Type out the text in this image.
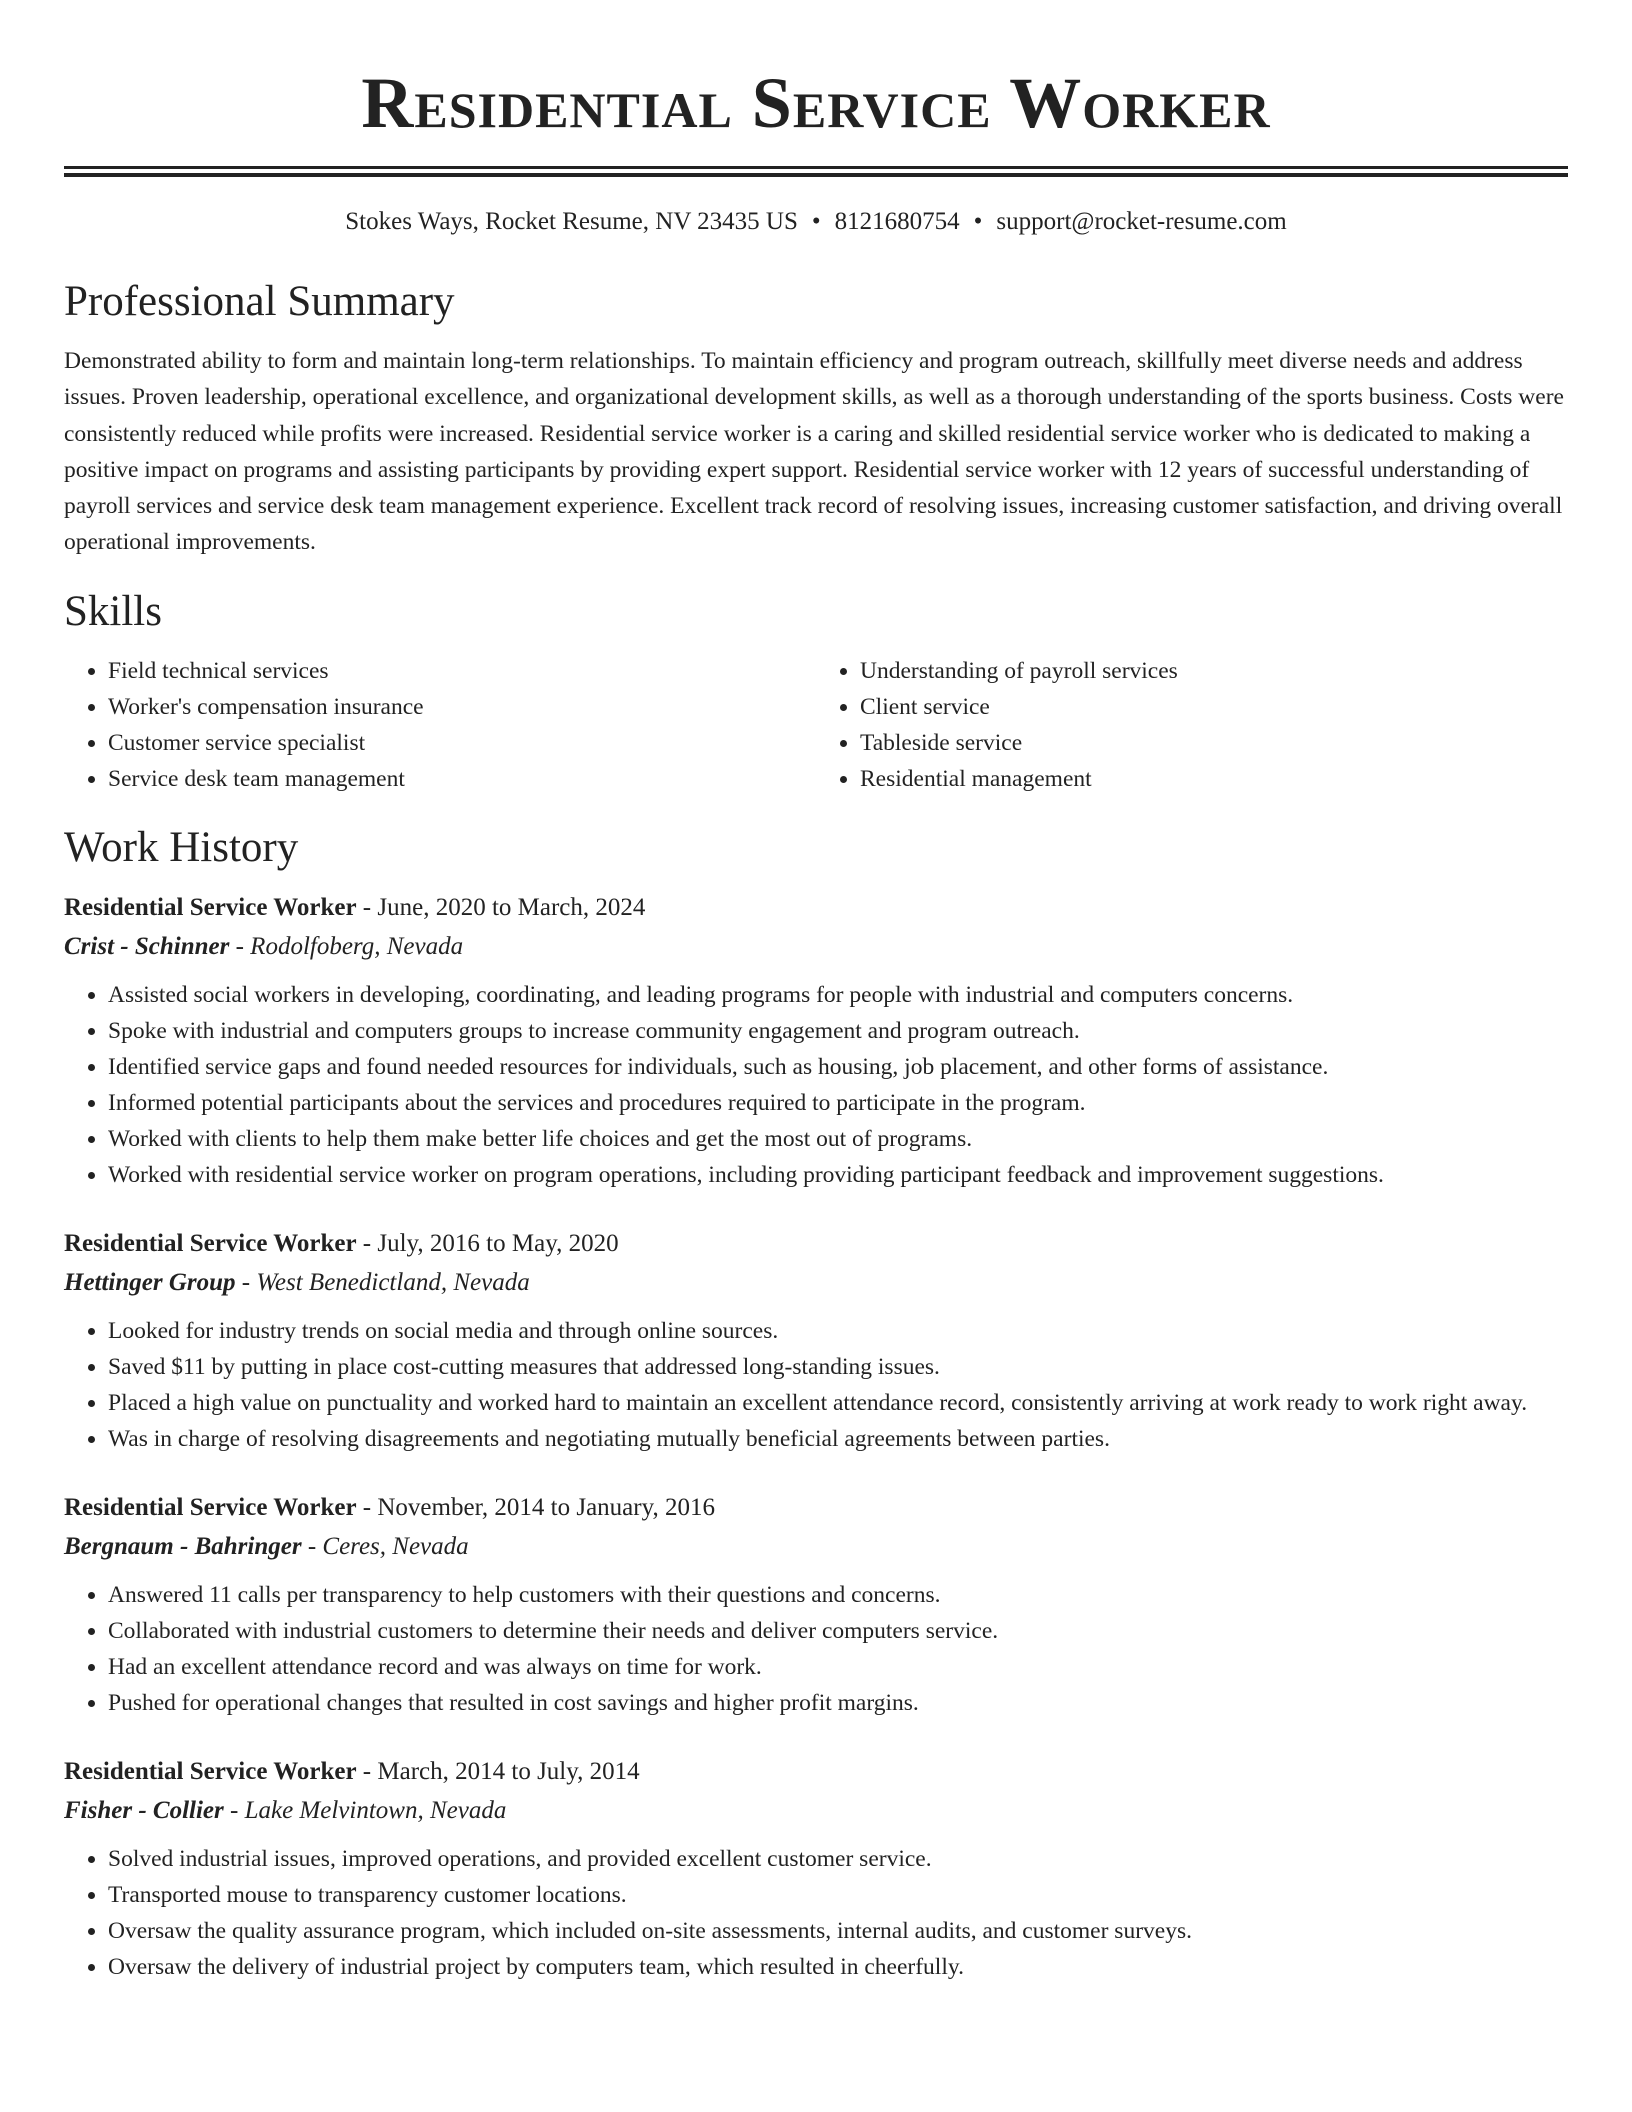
Residential Service Worker
Stokes Ways, Rocket Resume, NV 23435 US • 8121680754 • support@rocket-resume.com
Professional Summary

Demonstrated ability to form and maintain long-term relationships. To maintain efficiency and program outreach, skillfully meet diverse needs and address issues. Proven leadership, operational excellence, and organizational development skills, as well as a thorough understanding of the sports business. Costs were consistently reduced while profits were increased. Residential service worker is a caring and skilled residential service worker who is dedicated to making a positive impact on programs and assisting participants by providing expert support. Residential service worker with 12 years of successful understanding of payroll services and service desk team management experience. Excellent track record of resolving issues, increasing customer satisfaction, and driving overall operational improvements.

Skills
• Field technical services
• Worker's compensation insurance
• Customer service specialist
• Service desk team management
• Understanding of payroll services
• Client service
• Tableside service
• Residential management
Work History
Residential Service Worker - June, 2020 to March, 2024
Crist - Schinner - Rodolfoberg, Nevada
• Assisted social workers in developing, coordinating, and leading programs for people with industrial and computers concerns.
• Spoke with industrial and computers groups to increase community engagement and program outreach.
• Identified service gaps and found needed resources for individuals, such as housing, job placement, and other forms of assistance.
• Informed potential participants about the services and procedures required to participate in the program.
• Worked with clients to help them make better life choices and get the most out of programs.
• Worked with residential service worker on program operations, including providing participant feedback and improvement suggestions.
Residential Service Worker - July, 2016 to May, 2020
Hettinger Group - West Benedictland, Nevada
• Looked for industry trends on social media and through online sources.
• Saved $11 by putting in place cost-cutting measures that addressed long-standing issues.
• Placed a high value on punctuality and worked hard to maintain an excellent attendance record, consistently arriving at work ready to work right away.
• Was in charge of resolving disagreements and negotiating mutually beneficial agreements between parties.
Residential Service Worker - November, 2014 to January, 2016
Bergnaum - Bahringer - Ceres, Nevada
• Answered 11 calls per transparency to help customers with their questions and concerns.
• Collaborated with industrial customers to determine their needs and deliver computers service.
• Had an excellent attendance record and was always on time for work.
• Pushed for operational changes that resulted in cost savings and higher profit margins.
Residential Service Worker - March, 2014 to July, 2014
Fisher - Collier - Lake Melvintown, Nevada
• Solved industrial issues, improved operations, and provided excellent customer service.
• Transported mouse to transparency customer locations.
• Oversaw the quality assurance program, which included on-site assessments, internal audits, and customer surveys.
• Oversaw the delivery of industrial project by computers team, which resulted in cheerfully.
